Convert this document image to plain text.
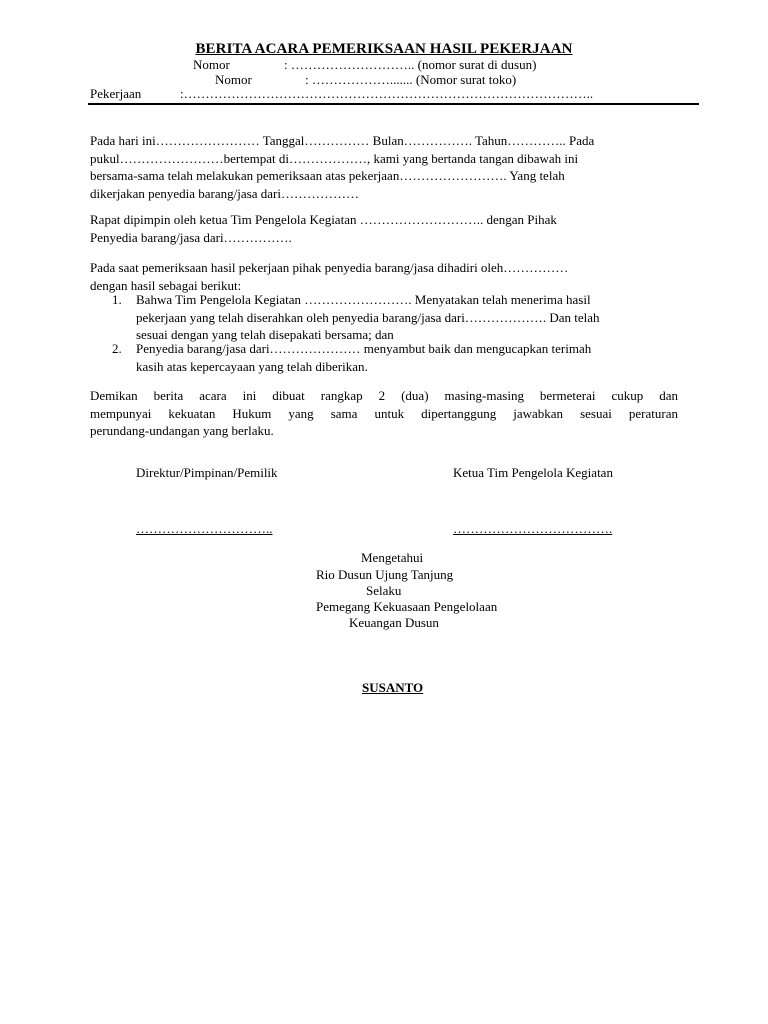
BERITA ACARA PEMERIKSAAN HASIL PEKERJAAN
Nomor	: ……………………….. (nomor surat di dusun)
Nomor	: ………………....... (Nomor surat toko)
Pekerjaan	:…………………………………………………………………………………..
Pada hari ini…………………… Tanggal…………… Bulan……………. Tahun………….. Pada
pukul……………………bertempat di………………, kami yang bertanda tangan dibawah ini
bersama-sama telah melakukan pemeriksaan atas pekerjaan……………………. Yang telah
dikerjakan penyedia barang/jasa dari………………
Rapat dipimpin oleh ketua Tim Pengelola Kegiatan ……………………….. dengan Pihak
Penyedia barang/jasa dari…………….
Pada saat pemeriksaan hasil pekerjaan pihak penyedia barang/jasa dihadiri oleh……………
dengan hasil sebagai berikut:
1. Bahwa Tim Pengelola Kegiatan ……………………. Menyatakan telah menerima hasil
pekerjaan yang telah diserahkan oleh penyedia barang/jasa dari………………. Dan telah
sesuai dengan yang telah disepakati bersama; dan
2. Penyedia barang/jasa dari………………… menyambut baik dan mengucapkan terimah
kasih atas kepercayaan yang telah diberikan.
Demikan berita acara ini dibuat rangkap 2 (dua) masing-masing bermeterai cukup dan
mempunyai kekuatan Hukum yang sama untuk dipertanggung jawabkan sesuai peraturan
perundang-undangan yang berlaku.
Direktur/Pimpinan/Pemilik	Ketua Tim Pengelola Kegiatan
…………………………..	……………………………….
Mengetahui
Rio Dusun Ujung Tanjung
Selaku
Pemegang Kekuasaan Pengelolaan
Keuangan Dusun
SUSANTO
